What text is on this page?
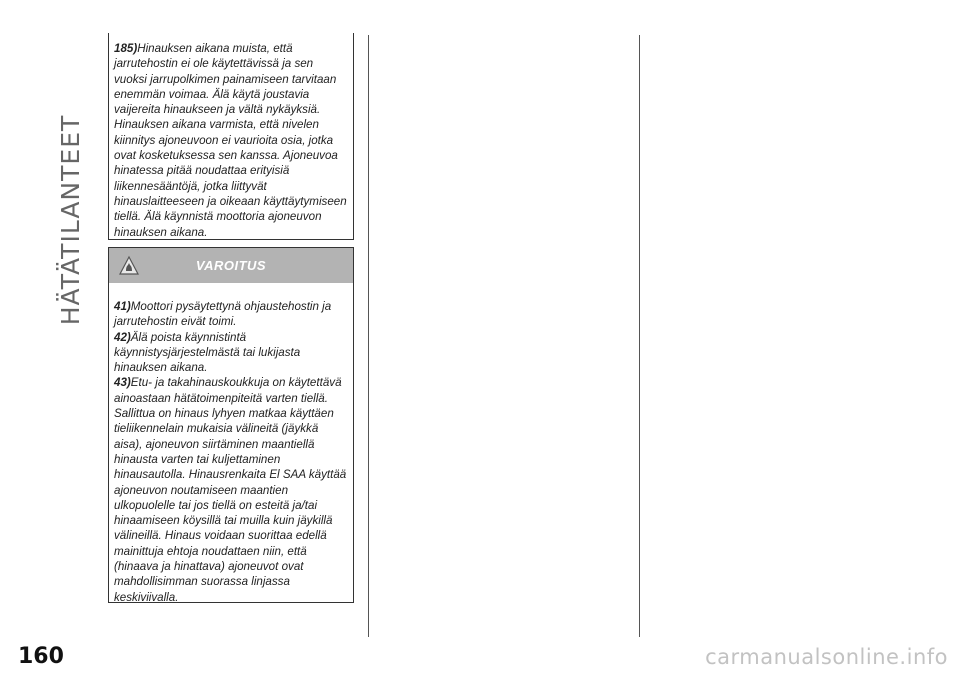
HÄTÄTILANTEET
185)Hinauksen aikana muista, että jarrutehostin ei ole käytettävissä ja sen vuoksi jarrupolkimen painamiseen tarvitaan enemmän voimaa. Älä käytä joustavia vaijereita hinaukseen ja vältä nykäyksiä. Hinauksen aikana varmista, että nivelen kiinnitys ajoneuvoon ei vaurioita osia, jotka ovat kosketuksessa sen kanssa. Ajoneuvoa hinatessa pitää noudattaa erityisiä liikennesääntöjä, jotka liittyvät hinauslaitteeseen ja oikeaan käyttäytymiseen tiellä. Älä käynnistä moottoria ajoneuvon hinauksen aikana.
VAROITUS
41)Moottori pysäytettynä ohjaustehostin ja jarrutehostin eivät toimi.
42)Älä poista käynnistintä käynnistysjärjestelmästä tai lukijasta hinauksen aikana.
43)Etu- ja takahinauskoukkuja on käytettävä ainoastaan hätätoimenpiteitä varten tiellä. Sallittua on hinaus lyhyen matkaa käyttäen tieliikennelain mukaisia välineitä (jäykkä aisa), ajoneuvon siirtäminen maantiellä hinausta varten tai kuljettaminen hinausautolla. Hinausrenkaita El SAA käyttää ajoneuvon noutamiseen maantien ulkopuolelle tai jos tiellä on esteitä ja/tai hinaamiseen köysillä tai muilla kuin jäykillä välineillä. Hinaus voidaan suorittaa edellä mainittuja ehtoja noudattaen niin, että (hinaava ja hinattava) ajoneuvot ovat mahdollisimman suorassa linjassa keskiviivalla.
160	carmanualsonline.info
